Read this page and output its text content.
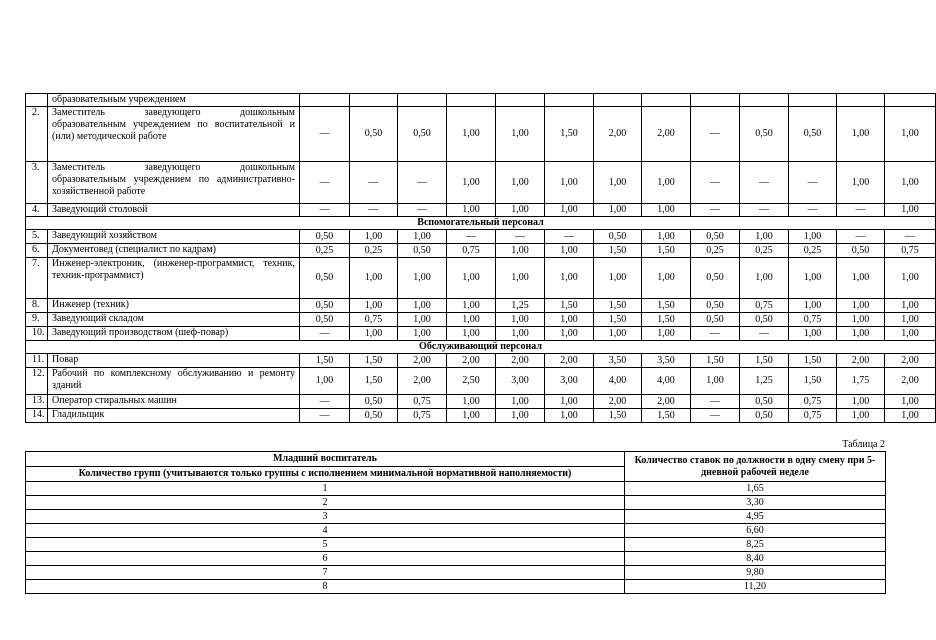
	образовательным учреждением													
2.	Заместитель заведующего дошкольным образовательным учреждением по воспитательной и (или) методической работе	—	0,50	0,50	1,00	1,00	1,50	2,00	2,00	—	0,50	0,50	1,00	1,00
3.	Заместитель заведующего дошкольным образовательным учреждением по административно-хозяйственной работе	—	—	—	1,00	1,00	1,00	1,00	1,00	—	—	—	1,00	1,00
4.	Заведующий столовой	—	—	—	1,00	1,00	1,00	1,00	1,00	—	—	—	—	1,00
Вспомогательный персонал														
5.	Заведующий хозяйством	0,50	1,00	1,00	—	—	—	0,50	1,00	0,50	1,00	1,00	—	—
6.	Документовед (специалист по кадрам)	0,25	0,25	0,50	0,75	1,00	1,00	1,50	1,50	0,25	0,25	0,25	0,50	0,75
7.	Инженер-электроник, (инженер-программист, техник, техник-программист)	0,50	1,00	1,00	1,00	1,00	1,00	1,00	1,00	0,50	1,00	1,00	1,00	1,00
8.	Инженер (техник)	0,50	1,00	1,00	1,00	1,25	1,50	1,50	1,50	0,50	0,75	1,00	1,00	1,00
9.	Заведующий складом	0,50	0,75	1,00	1,00	1,00	1,00	1,50	1,50	0,50	0,50	0,75	1,00	1,00
10.	Заведующий производством (шеф-повар)	—	1,00	1,00	1,00	1,00	1,00	1,00	1,00	—	—	1,00	1,00	1,00
Обслуживающий персонал														
11.	Повар	1,50	1,50	2,00	2,00	2,00	2,00	3,50	3,50	1,50	1,50	1,50	2,00	2,00
12.	Рабочий по комплексному обслуживанию и ремонту зданий	1,00	1,50	2,00	2,50	3,00	3,00	4,00	4,00	1,00	1,25	1,50	1,75	2,00
13.	Оператор стиральных машин	—	0,50	0,75	1,00	1,00	1,00	2,00	2,00	—	0,50	0,75	1,00	1,00
14.	Гладильщик	—	0,50	0,75	1,00	1,00	1,00	1,50	1,50	—	0,50	0,75	1,00	1,00
Таблица 2
Младший воспитатель	Количество ставок по должности в одну смену при 5-дневной рабочей неделе
Количество групп (учитываются только группы с исполнением минимальной нормативной наполняемости)	
1	1,65
2	3,30
3	4,95
4	6,60
5	8,25
6	8,40
7	9,80
8	11,20
